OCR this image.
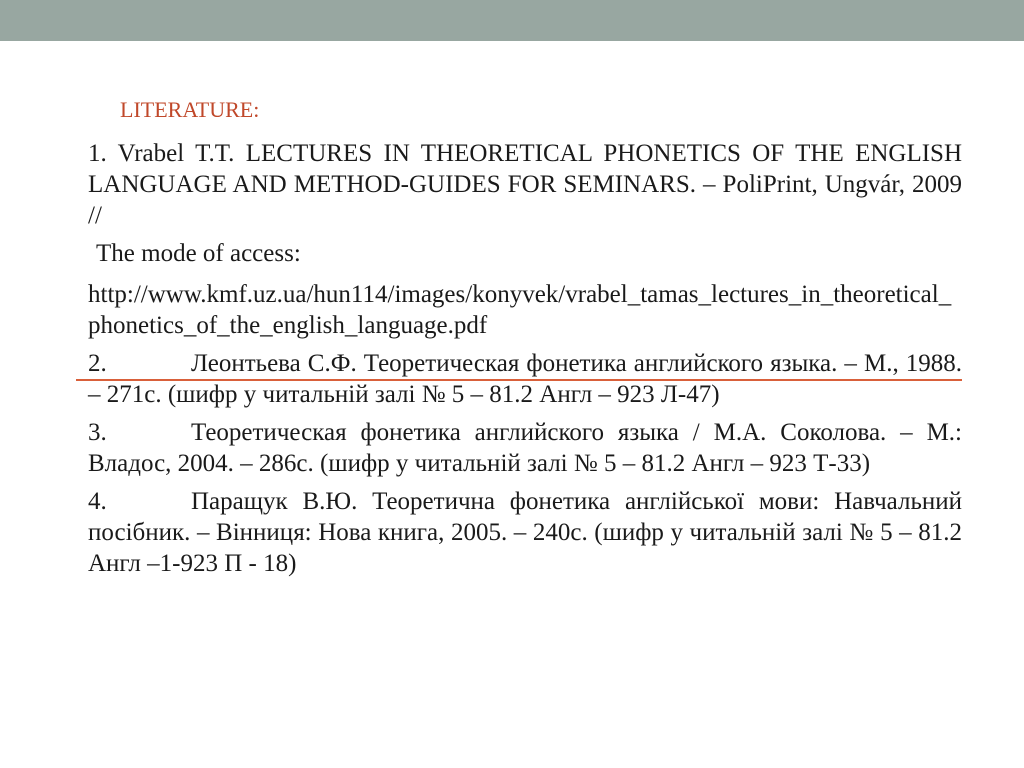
LITERATURE:

1. Vrabel T.T. LECTURES IN THEORETICAL PHONETICS OF THE ENGLISH LANGUAGE AND METHOD-GUIDES FOR SEMINARS. – PoliPrint, Ungvár, 2009 //

The mode of access:

http://www.kmf.uz.ua/hun114/images/konyvek/vrabel_tamas_lectures_in_theoretical_phonetics_of_the_english_language.pdf

2.	Леонтьева С.Ф. Теоретическая фонетика английского языка. – М., 1988. – 271с. (шифр у читальній залі № 5 – 81.2 Англ – 923 Л-47)

3.	Теоретическая фонетика английского языка / М.А. Соколова. – М.: Владос, 2004. – 286с. (шифр у читальній залі № 5 – 81.2 Англ – 923 Т-33)

4.	Паращук В.Ю. Теоретична фонетика англійської мови: Навчальний посібник. – Вінниця: Нова книга, 2005. – 240с. (шифр у читальній залі № 5 – 81.2 Англ –1-923 П - 18)
